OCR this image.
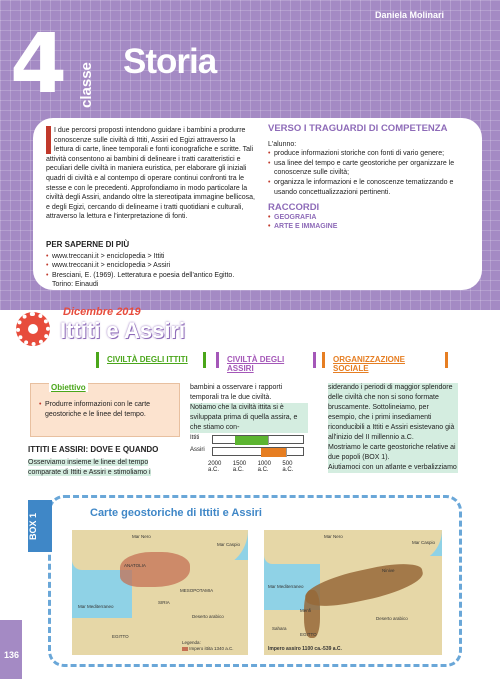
Daniela Molinari
4 classe
Storia
I due percorsi proposti intendono guidare i bambini a produrre conoscenze sulle civiltà di Ittiti, Assiri ed Egizi attraverso la lettura di carte, linee temporali e fonti iconografiche e scritte. Tali attività consentono ai bambini di delineare i tratti caratteristici e peculiari delle civiltà in maniera euristica, per elaborare gli iniziali quadri di civiltà e al contempo di operare continui confronti tra le stesse e con le precedenti. Approfondiamo in modo particolare la civiltà degli Assiri, andando oltre la stereotipata immagine bellicosa, e degli Egizi, cercando di delinearne i tratti quotidiani e culturali, attraverso la lettura e l'interpretazione di fonti.
PER SAPERNE DI PIÙ
• www.treccani.it > enciclopedia > Ittiti
• www.treccani.it > enciclopedia > Assiri
• Bresciani, E. (1969). Letteratura e poesia dell'antico Egitto. Torino: Einaudi
VERSO I TRAGUARDI DI COMPETENZA
L'alunno:
• produce informazioni storiche con fonti di vario genere;
• usa linee del tempo e carte geostoriche per organizzare le conoscenze sulle civiltà;
• organizza le informazioni e le conoscenze tematizzando e usando concettualizzazioni pertinenti.
RACCORDI
• GEOGRAFIA
• ARTE E IMMAGINE
Dicembre 2019
Ittiti e Assiri
CIVILTÀ DEGLI ITTITI	CIVILTÀ DEGLI ASSIRI
ORGANIZZAZIONE SOCIALE
Obiettivo
• Produrre informazioni con le carte geostoriche e le linee del tempo.
ITTITI E ASSIRI: DOVE E QUANDO
Osserviamo insieme le linee del tempo comparate di Ittiti e Assiri e stimoliamo i
bambini a osservare i rapporti temporali tra le due civiltà.
Notiamo che la civiltà ittita si è sviluppata prima di quella assira, e che stiamo con-
Ittiti
Assiri
2000 a.C.
1500 a.C.
1000 a.C.
500 a.C.
siderando i periodi di maggior splendore delle civiltà che non si sono formate bruscamente. Sottolineiamo, per esempio, che i primi insediamenti riconducibili a Ittiti e Assiri esistevano già all'inizio del II millennio a.C.
Mostriamo le carte geostoriche relative ai due popoli (BOX 1).
Aiutiamoci con un atlante e verbalizziamo
BOX 1	Carte geostoriche di Ittiti e Assiri
Mar Nero
Mar Caspio
ANATOLIA
MESOPOTAMIA
Mar Mediterraneo
Deserto arabico
EGITTO
SIRIA
Legenda:
Impero ittita 1340 a.C.
Mar Nero
Mar Caspio
Mar Mediterraneo
Menfi
Deserto arabico
Sahara
EGITTO
Ninive
Impero assiro 1100 ca.-539 a.C.
136
